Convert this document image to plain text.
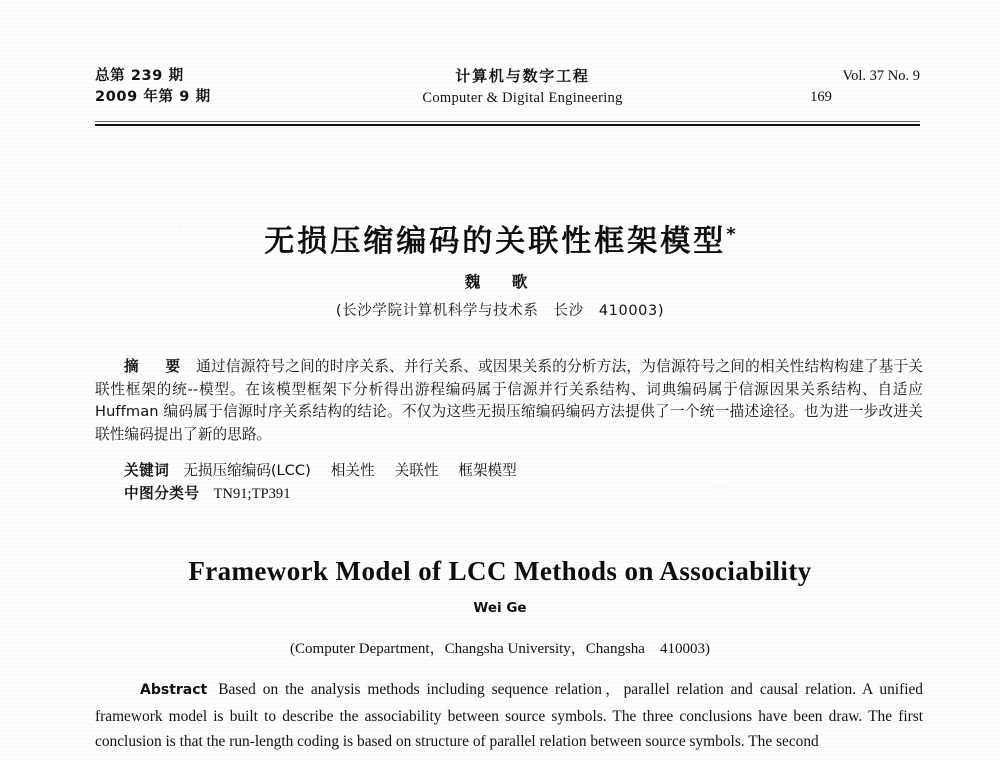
总第 239 期
2009 年第 9 期
计算机与数字工程
Computer & Digital Engineering
Vol. 37 No. 9
169
无损压缩编码的关联性框架模型*
魏　歌
(长沙学院计算机科学与技术系　长沙　410003)
摘　要 通过信源符号之间的时序关系、并行关系、或因果关系的分析方法，为信源符号之间的相关性结构构建了基于关联性框架的统--模型。在该模型框架下分析得出游程编码属于信源并行关系结构、词典编码属于信源因果关系结构、自适应 Huffman 编码属于信源时序关系结构的结论。不仅为这些无损压缩编码编码方法提供了一个统一描述途径。也为进一步改进关联性编码提出了新的思路。
关键词 无损压缩编码(LCC) 相关性 关联性 框架模型
中图分类号 TN91;TP391
Framework Model of LCC Methods on Associability
Wei Ge
(Computer Department，Changsha University，Changsha　410003)
Abstract Based on the analysis methods including sequence relation，parallel relation and causal relation. A unified framework model is built to describe the associability between source symbols. The three conclusions have been draw. The first conclusion is that the run-length coding is based on structure of parallel relation between source symbols. The second
